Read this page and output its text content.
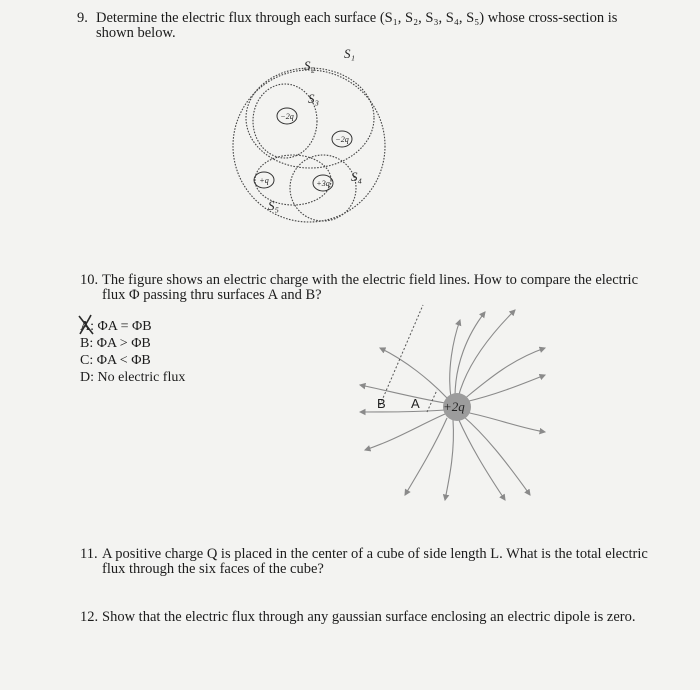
9. Determine the electric flux through each surface (S₁, S₂, S₃, S₄, S₅) whose cross-section is
shown below.
−2q
−2q
+q	+3q
S₁
S₂
S₃
S₄
S₅
10. The figure shows an electric charge with the electric field lines. How to compare the electric
flux Φ passing thru surfaces A and B?
A: ΦA = ΦB
B: ΦA > ΦB
C: ΦA < ΦB
D: No electric flux
B A +2q
11. A positive charge Q is placed in the center of a cube of side length L. What is the total electric
flux through the six faces of the cube?
12. Show that the electric flux through any gaussian surface enclosing an electric dipole is zero.
